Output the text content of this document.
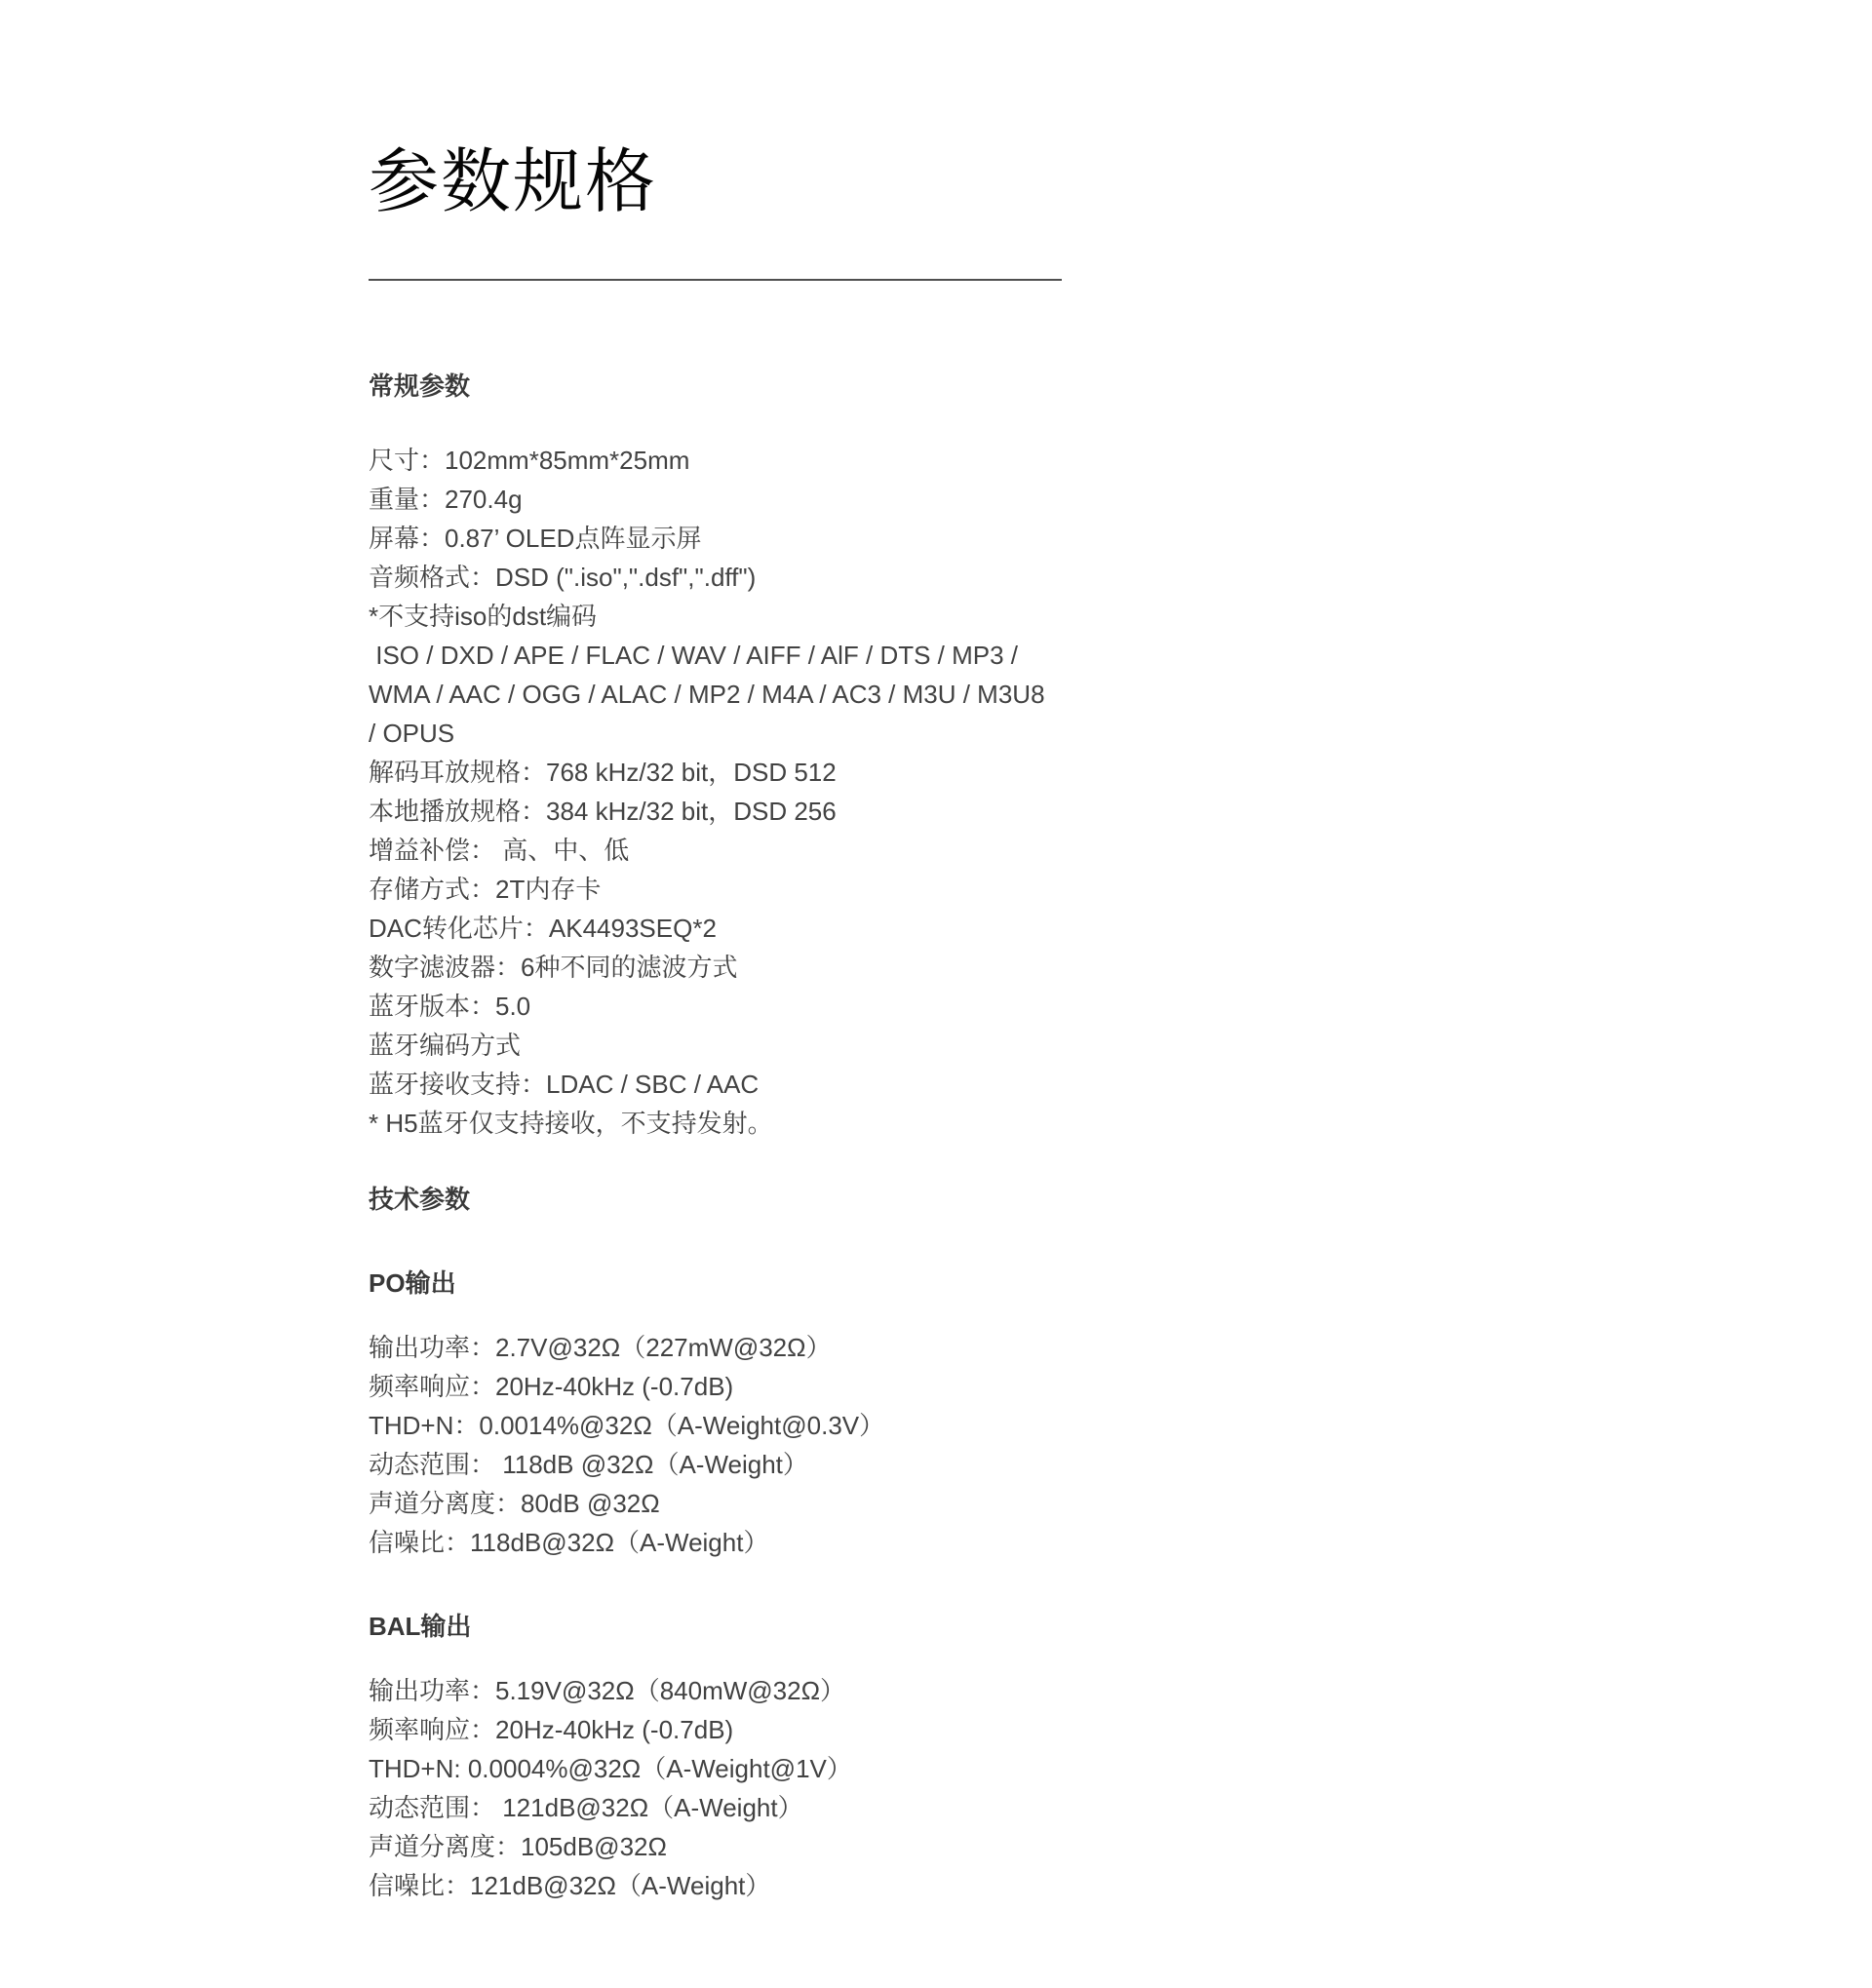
参数规格
常规参数
尺寸：102mm*85mm*25mm
重量：270.4g
屏幕：0.87’ OLED点阵显示屏
音频格式：DSD (".iso",".dsf",".dff")
*不支持iso的dst编码
ISO / DXD / APE / FLAC / WAV / AIFF / AlF / DTS / MP3 /
WMA / AAC / OGG / ALAC / MP2 / M4A / AC3 / M3U / M3U8
/ OPUS
解码耳放规格：768 kHz/32 bit，DSD 512
本地播放规格：384 kHz/32 bit，DSD 256
增益补偿： 高、中、低
存储方式：2T内存卡
DAC转化芯片：AK4493SEQ*2
数字滤波器：6种不同的滤波方式
蓝牙版本：5.0
蓝牙编码方式
蓝牙接收支持：LDAC / SBC / AAC
* H5蓝牙仅支持接收，不支持发射。
技术参数
PO输出
输出功率：2.7V@32Ω（227mW@32Ω）
频率响应：20Hz-40kHz (-0.7dB)
THD+N：0.0014%@32Ω（A-Weight@0.3V）
动态范围： 118dB @32Ω（A-Weight）
声道分离度：80dB @32Ω
信噪比：118dB@32Ω（A-Weight）
BAL输出
输出功率：5.19V@32Ω（840mW@32Ω）
频率响应：20Hz-40kHz (-0.7dB)
THD+N: 0.0004%@32Ω（A-Weight@1V）
动态范围： 121dB@32Ω（A-Weight）
声道分离度：105dB@32Ω
信噪比：121dB@32Ω（A-Weight）
